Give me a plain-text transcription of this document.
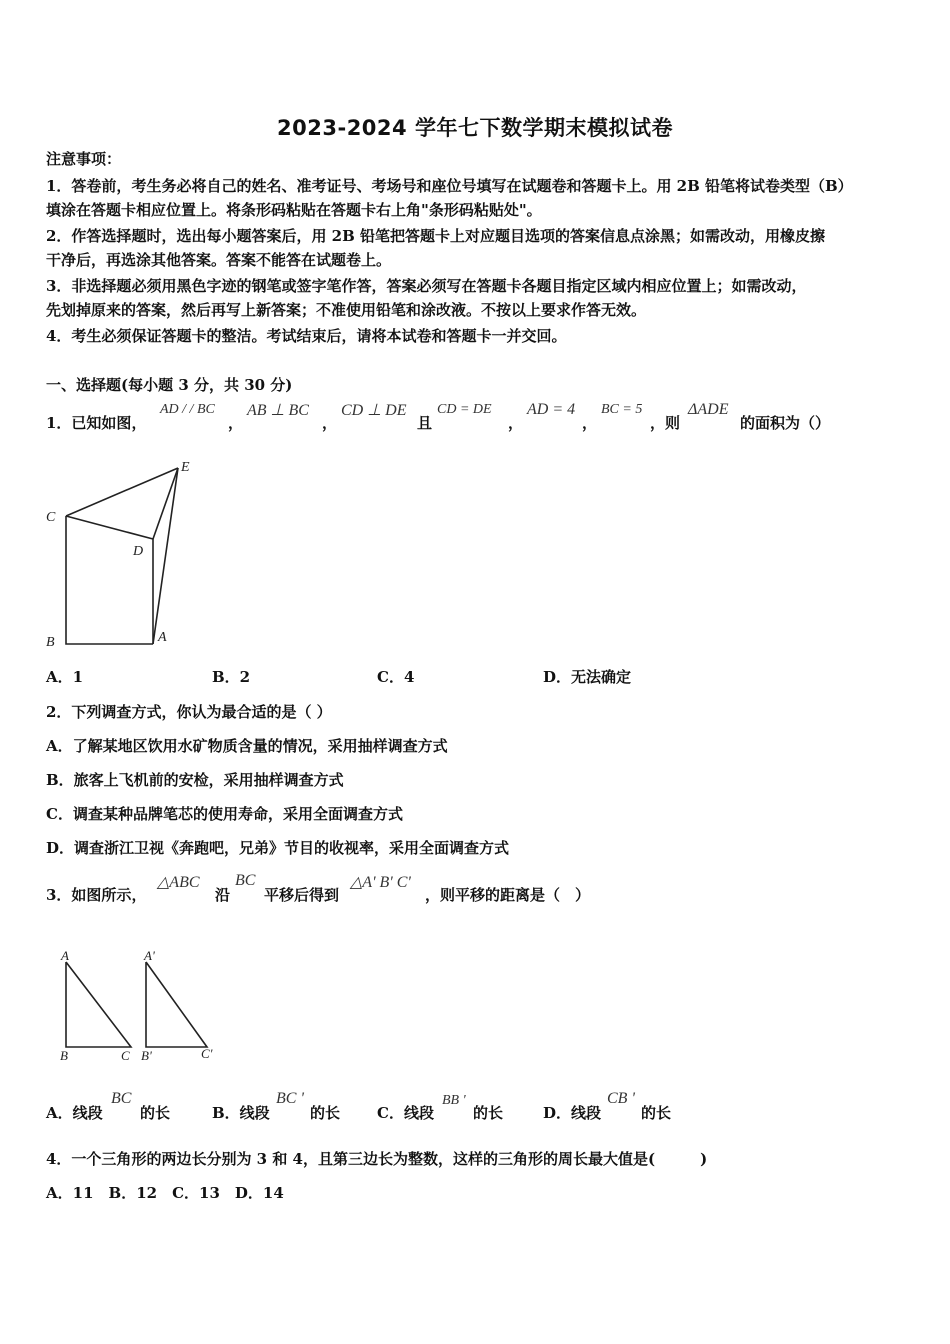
2023-2024 学年七下数学期末模拟试卷
注意事项：
1．答卷前，考生务必将自己的姓名、准考证号、考场号和座位号填写在试题卷和答题卡上。用 2B 铅笔将试卷类型（B）
填涂在答题卡相应位置上。将条形码粘贴在答题卡右上角"条形码粘贴处"。
2．作答选择题时，选出每小题答案后，用 2B 铅笔把答题卡上对应题目选项的答案信息点涂黑；如需改动，用橡皮擦
干净后，再选涂其他答案。答案不能答在试题卷上。
3．非选择题必须用黑色字迹的钢笔或签字笔作答，答案必须写在答题卡各题目指定区域内相应位置上；如需改动，
先划掉原来的答案，然后再写上新答案；不准使用铅笔和涂改液。不按以上要求作答无效。
4．考生必须保证答题卡的整洁。考试结束后，请将本试卷和答题卡一并交回。
一、选择题(每小题 3 分，共 30 分)
1．已知如图，
AD / / BC
，
AB ⊥ BC
，
CD ⊥ DE
且
CD = DE
，
AD = 4
，
BC = 5
，则
ΔADE
的面积为（）
E
C
D
B	A
A．1	B．2	C．4	D．无法确定
2．下列调查方式，你认为最合适的是（ ）
A．了解某地区饮用水矿物质含量的情况，采用抽样调查方式
B．旅客上飞机前的安检，采用抽样调查方式
C．调查某种品牌笔芯的使用寿命，采用全面调查方式
D．调查浙江卫视《奔跑吧，兄弟》节目的收视率，采用全面调查方式
3．如图所示，
△ABC
沿
BC
平移后得到
△A' B' C'
，则平移的距离是（　）
A	A'
B	C B'	C'
A．线段
BC
的长	B．线段
BC '
的长 C．线段
BB '
的长	D．线段
CB '
的长
4．一个三角形的两边长分别为 3 和 4，且第三边长为整数，这样的三角形的周长最大值是(　　　)
A．11　B．12　C．13　D．14
